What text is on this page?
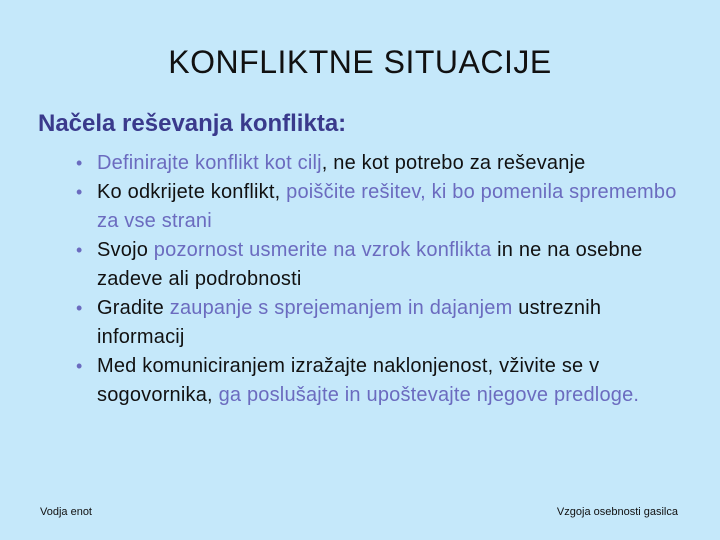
KONFLIKTNE SITUACIJE
Načela reševanja konflikta:
• Definirajte konflikt kot cilj, ne kot potrebo za reševanje
• Ko odkrijete konflikt, poiščite rešitev, ki bo pomenila spremembo za vse strani
• Svojo pozornost usmerite na vzrok konflikta in ne na osebne zadeve ali podrobnosti
• Gradite zaupanje s sprejemanjem in dajanjem ustreznih informacij
• Med komuniciranjem izražajte naklonjenost, vživite se v sogovornika, ga poslušajte in upoštevajte njegove predloge.
Vodja enot	Vzgoja osebnosti gasilca
